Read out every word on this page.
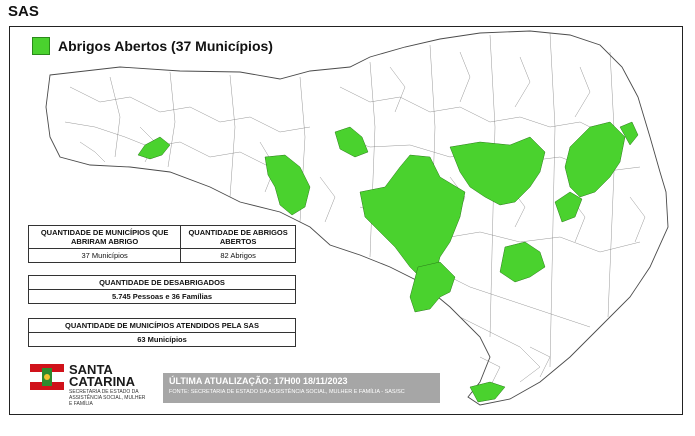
SAS
Abrigos Abertos (37 Municípios)
QUANTIDADE DE MUNICÍPIOS QUE ABRIRAM ABRIGO	QUANTIDADE DE ABRIGOS ABERTOS
37 Municípios	82 Abrigos
QUANTIDADE DE DESABRIGADOS
5.745 Pessoas e 36 Famílias
QUANTIDADE DE MUNICÍPIOS ATENDIDOS PELA SAS
63 Municípios
SANTA
CATARINA
SECRETARIA DE ESTADO DA ASSISTÊNCIA SOCIAL, MULHER E FAMÍLIA
ÚLTIMA ATUALIZAÇÃO: 17H00 18/11/2023
FONTE: SECRETARIA DE ESTADO DA ASSISTÊNCIA SOCIAL, MULHER E FAMÍLIA - SAS/SC
